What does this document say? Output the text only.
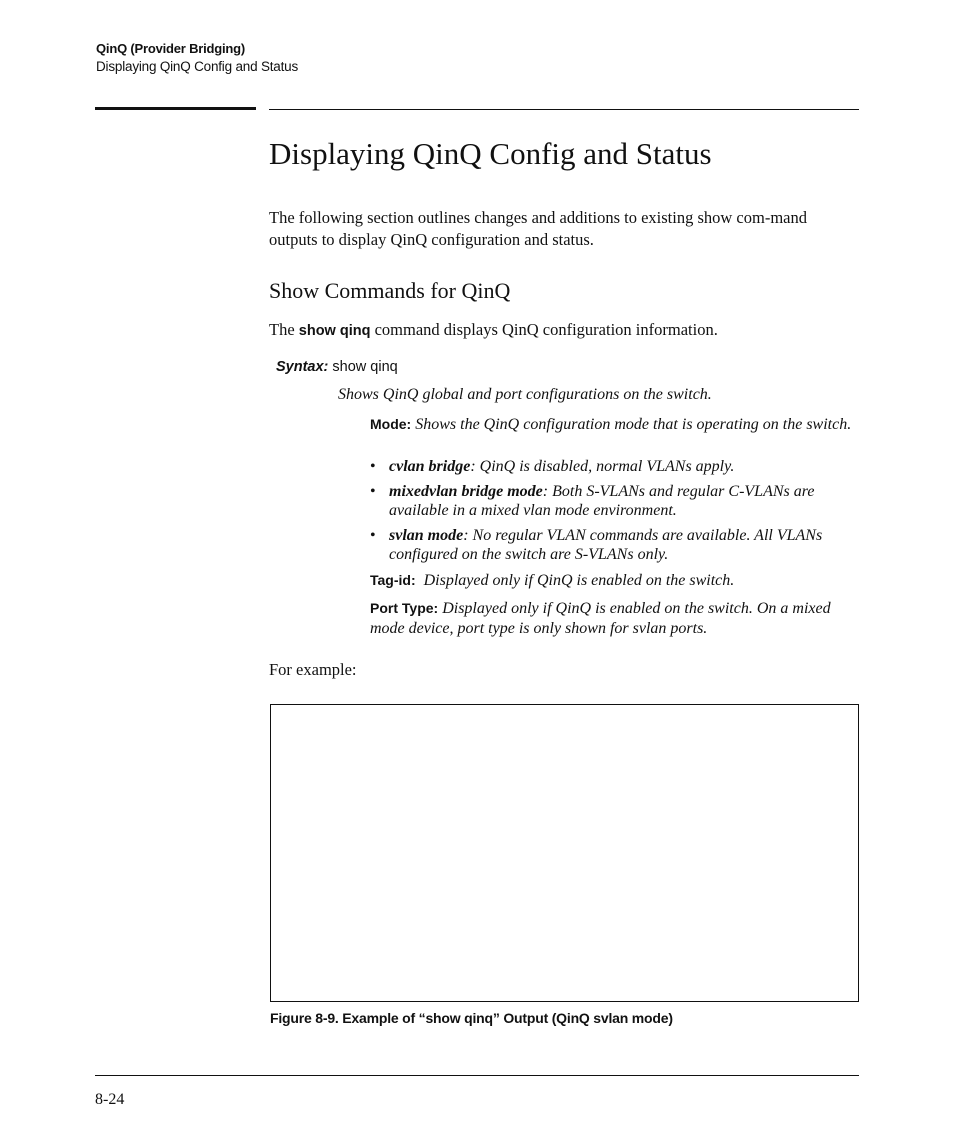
QinQ (Provider Bridging)
Displaying QinQ Config and Status
Displaying QinQ Config and Status

The following section outlines changes and additions to existing show com-mand outputs to display QinQ configuration and status.

Show Commands for QinQ

The show qinq command displays QinQ configuration information.

Syntax: show qinq
Shows QinQ global and port configurations on the switch.
Mode: Shows the QinQ configuration mode that is operating on the switch.
• cvlan bridge: QinQ is disabled, normal VLANs apply.
• mixedvlan bridge mode: Both S-VLANs and regular C-VLANs are available in a mixed vlan mode environment.
• svlan mode: No regular VLAN commands are available. All VLANs configured on the switch are S-VLANs only.
Tag-id: Displayed only if QinQ is enabled on the switch.
Port Type: Displayed only if QinQ is enabled on the switch. On a mixed mode device, port type is only shown for svlan ports.
For example:
Figure 8-9. Example of “show qinq” Output (QinQ svlan mode)
8-24
